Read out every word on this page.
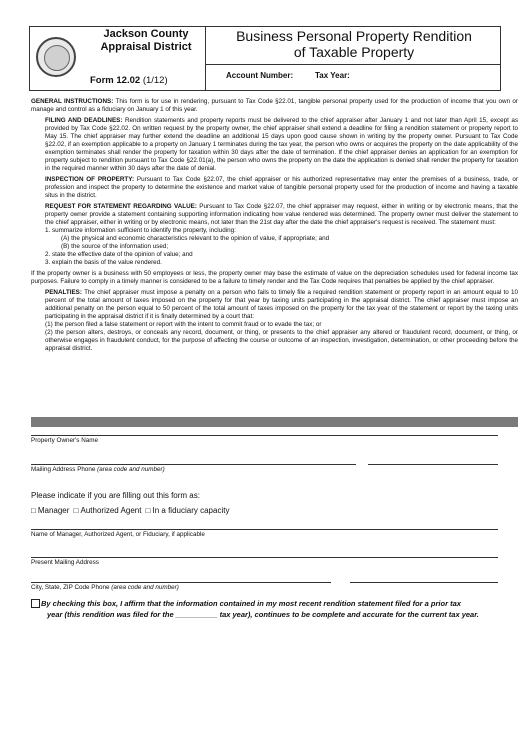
Jackson County
Appraisal District
Form 12.02 (1/12)
Business Personal Property Rendition
of Taxable Property
Account Number:	Tax Year:

GENERAL INSTRUCTIONS: This form is for use in rendering, pursuant to Tax Code §22.01, tangible personal property used for the production of income that you own or manage and control as a fiduciary on January 1 of this year.

FILING AND DEADLINES: Rendition statements and property reports must be delivered to the chief appraiser after January 1 and not later than April 15, except as provided by Tax Code §22.02. On written request by the property owner, the chief appraiser shall extend a deadline for filing a rendition statement or property report to May 15. The chief appraiser may further extend the deadline an additional 15 days upon good cause shown in writing by the property owner. Pursuant to Tax Code §22.02, if an exemption applicable to a property on January 1 terminates during the tax year, the person who owns or acquires the property on the date applicability of the exemption terminates shall render the property for taxation within 30 days after the date of termination. If the chief appraiser denies an application for an exemption for property subject to rendition pursuant to Tax Code §22.01(a), the person who owns the property on the date the application is denied shall render the property for taxation in the required manner within 30 days after the date of denial.

INSPECTION OF PROPERTY: Pursuant to Tax Code §22.07, the chief appraiser or his authorized representative may enter the premises of a business, trade, or profession and inspect the property to determine the existence and market value of tangible personal property used for the production of income and having a taxable situs in the district.

REQUEST FOR STATEMENT REGARDING VALUE: Pursuant to Tax Code §22.07, the chief appraiser may request, either in writing or by electronic means, that the property owner provide a statement containing supporting information indicating how value rendered was determined. The property owner must deliver the statement to the chief appraiser, either in writing or by electronic means, not later than the 21st day after the date the chief appraiser's request is received. The statement must:

1. summarize information sufficient to identify the property, including:

(A) the physical and economic characteristics relevant to the opinion of value, if appropriate; and

(B) the source of the information used;

2. state the effective date of the opinion of value; and

3. explain the basis of the value rendered.

If the property owner is a business with 50 employees or less, the property owner may base the estimate of value on the depreciation schedules used for federal income tax purposes. Failure to comply in a timely manner is considered to be a failure to timely render and the Tax Code requires that penalties be applied by the chief appraiser.

PENALTIES: The chief appraiser must impose a penalty on a person who fails to timely file a required rendition statement or property report in an amount equal to 10 percent of the total amount of taxes imposed on the property for that year by taxing units participating in the appraisal district. The chief appraiser must impose an additional penalty on the person equal to 50 percent of the total amount of taxes imposed on the property for the tax year of the statement or report by the taxing units participating in the appraisal district if it is finally determined by a court that:

(1) the person filed a false statement or report with the intent to commit fraud or to evade the tax; or

(2) the person alters, destroys, or conceals any record, document, or thing, or presents to the chief appraiser any altered or fraudulent record, document, or thing, or otherwise engages in fraudulent conduct, for the purpose of affecting the course or outcome of an inspection, investigation, determination, or other proceeding before the appraisal district.

Property Owner's Name
Mailing Address Phone (area code and number)
Please indicate if you are filling out this form as:
□ Manager □ Authorized Agent □ In a fiduciary capacity
Name of Manager, Authorized Agent, or Fiduciary, if applicable
Present Mailing Address
City, State, ZIP Code Phone (area code and number)
By checking this box, I affirm that the information contained in my most recent rendition statement filed for a prior tax
year (this rendition was filed for the __________ tax year), continues to be complete and accurate for the current tax year.
